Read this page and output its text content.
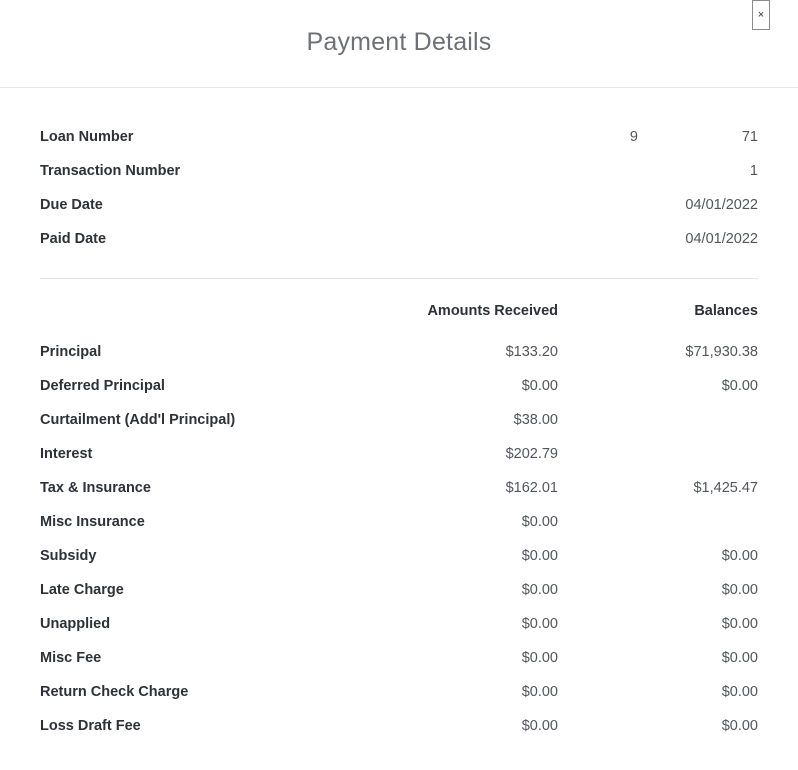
×
Payment Details
Loan Number	9	71
Transaction Number		1
Due Date		04/01/2022
Paid Date		04/01/2022
	Amounts Received	Balances
Principal	$133.20	$71,930.38
Deferred Principal	$0.00	$0.00
Curtailment (Add'l Principal)	$38.00	
Interest	$202.79	
Tax & Insurance	$162.01	$1,425.47
Misc Insurance	$0.00	
Subsidy	$0.00	$0.00
Late Charge	$0.00	$0.00
Unapplied	$0.00	$0.00
Misc Fee	$0.00	$0.00
Return Check Charge	$0.00	$0.00
Loss Draft Fee	$0.00	$0.00
